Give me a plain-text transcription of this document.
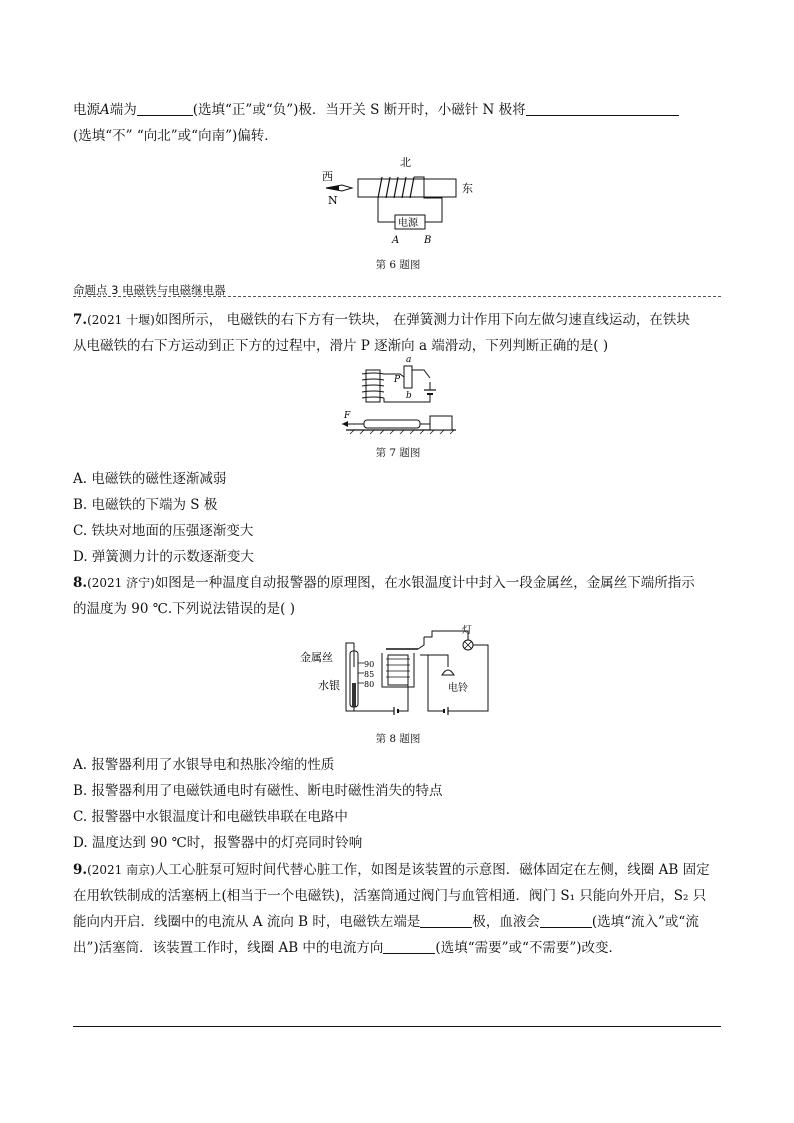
电源A端为	(选填“正”或“负”)极．当开关 S 断开时，小磁针 N 极将
(选填“不” “向北”或“向南”)偏转．
北
西
东
N
电源
A B
第 6 题图
命题点 3 电磁铁与电磁继电器
7.(2021 十堰)如图所示， 电磁铁的右下方有一铁块， 在弹簧测力计作用下向左做匀速直线运动，在铁块
从电磁铁的右下方运动到正下方的过程中，滑片 P 逐渐向 a 端滑动，下列判断正确的是( )
a
P
b
F
第 7 题图
A. 电磁铁的磁性逐渐减弱
B. 电磁铁的下端为 S 极
C. 铁块对地面的压强逐渐变大
D. 弹簧测力计的示数逐渐变大
8.(2021 济宁)如图是一种温度自动报警器的原理图，在水银温度计中封入一段金属丝，金属丝下端所指示
的温度为 90 ℃.下列说法错误的是( )
金属丝
水银
90
85
80
灯
电铃
第 8 题图
A. 报警器利用了水银导电和热胀冷缩的性质
B. 报警器利用了电磁铁通电时有磁性、断电时磁性消失的特点
C. 报警器中水银温度计和电磁铁串联在电路中
D. 温度达到 90 ℃时，报警器中的灯亮同时铃响
9.(2021 南京)人工心脏泵可短时间代替心脏工作，如图是该装置的示意图．磁体固定在左侧，线圈 AB 固定
在用软铁制成的活塞柄上(相当于一个电磁铁)，活塞筒通过阀门与血管相通．阀门 S₁ 只能向外开启，S₂ 只
能向内开启．线圈中的电流从 A 流向 B 时，电磁铁左端是	极，血液会	(选填“流入”或“流
出”)活塞筒．该装置工作时，线圈 AB 中的电流方向	(选填“需要”或“不需要”)改变．
